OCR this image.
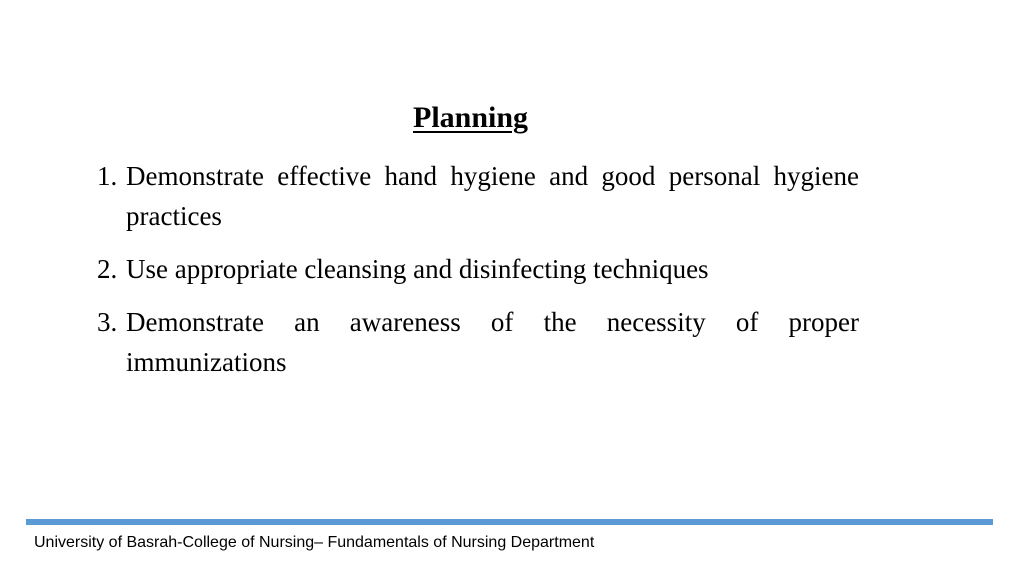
Planning
1. Demonstrate effective hand hygiene and good personal hygiene practices
2. Use appropriate cleansing and disinfecting techniques
3. Demonstrate an awareness of the necessity of proper immunizations
University of Basrah-College of Nursing– Fundamentals of Nursing Department
